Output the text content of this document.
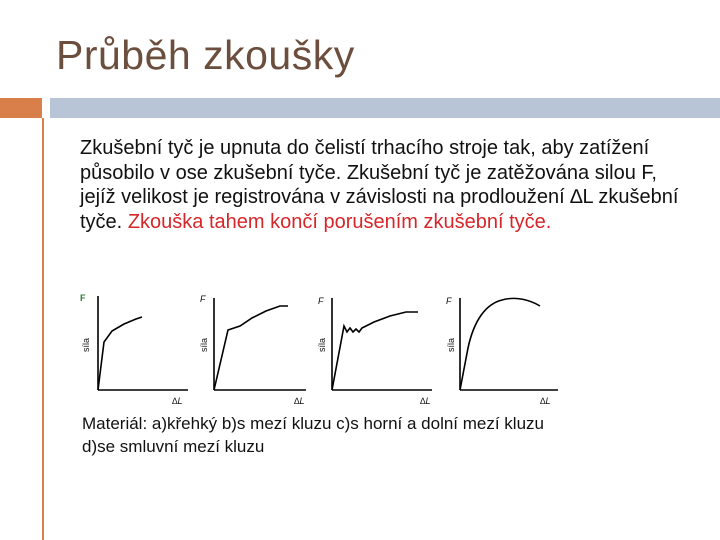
Průběh zkoušky
Zkušební tyč je upnuta do čelistí trhacího stroje tak, aby zatížení působilo v ose zkušební tyče. Zkušební tyč je zatěžována silou F, jejíž velikost je registrována v závislosti na prodloužení ∆L zkušební tyče. Zkouška tahem končí porušením zkušební tyče.
F
síla
∆L
F
síla
∆L
F
síla
∆L
F
síla
∆L
Materiál: a)křehký b)s mezí kluzu c)s horní a dolní mezí kluzu
d)se smluvní mezí kluzu
